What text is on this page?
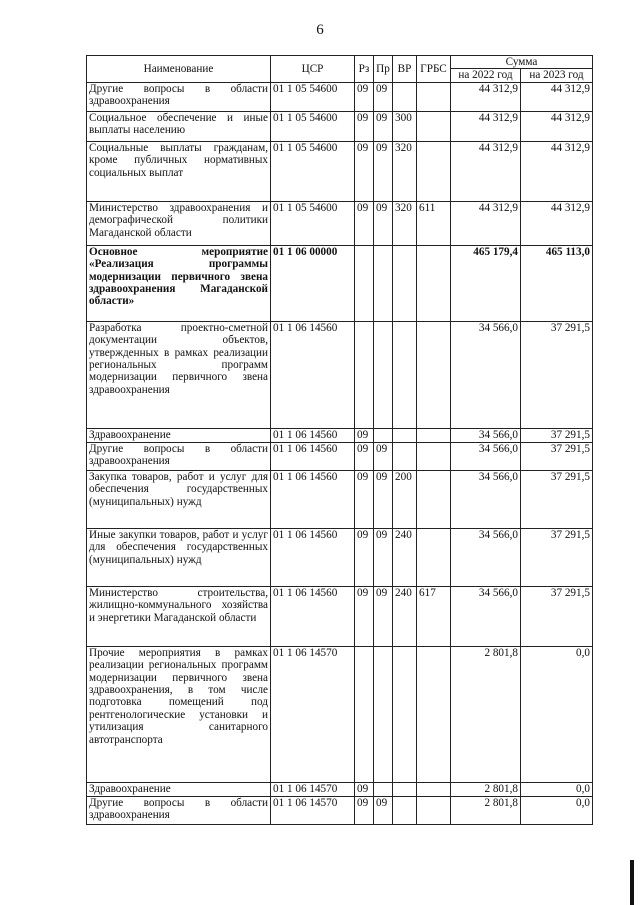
6
Наименование	ЦСР	Рз	Пр	ВР	ГРБС	Сумма	
						на 2022 год	на 2023 год
Другие вопросы в области здравоохранения	01 1 05 54600	09	09			44 312,9	44 312,9
Социальное обеспечение и иные выплаты населению	01 1 05 54600	09	09	300		44 312,9	44 312,9
Социальные выплаты гражданам, кроме публичных нормативных социальных выплат	01 1 05 54600	09	09	320		44 312,9	44 312,9
Министерство здравоохранения и демографической политики Магаданской области	01 1 05 54600	09	09	320	611	44 312,9	44 312,9
Основное мероприятие «Реализация программы модернизации первичного звена здравоохранения Магаданской области»	01 1 06 00000					465 179,4	465 113,0
Разработка проектно-сметной документации объектов, утвержденных в рамках реализации региональных программ модернизации первичного звена здравоохранения	01 1 06 14560					34 566,0	37 291,5
Здравоохранение	01 1 06 14560	09				34 566,0	37 291,5
Другие вопросы в области здравоохранения	01 1 06 14560	09	09			34 566,0	37 291,5
Закупка товаров, работ и услуг для обеспечения государственных (муниципальных) нужд	01 1 06 14560	09	09	200		34 566,0	37 291,5
Иные закупки товаров, работ и услуг для обеспечения государственных (муниципальных) нужд	01 1 06 14560	09	09	240		34 566,0	37 291,5
Министерство строительства, жилищно-коммунального хозяйства и энергетики Магаданской области	01 1 06 14560	09	09	240	617	34 566,0	37 291,5
Прочие мероприятия в рамках реализации региональных программ модернизации первичного звена здравоохранения, в том числе подготовка помещений под рентгенологические установки и утилизация санитарного автотранспорта	01 1 06 14570					2 801,8	0,0
Здравоохранение	01 1 06 14570	09				2 801,8	0,0
Другие вопросы в области здравоохранения	01 1 06 14570	09	09			2 801,8	0,0
